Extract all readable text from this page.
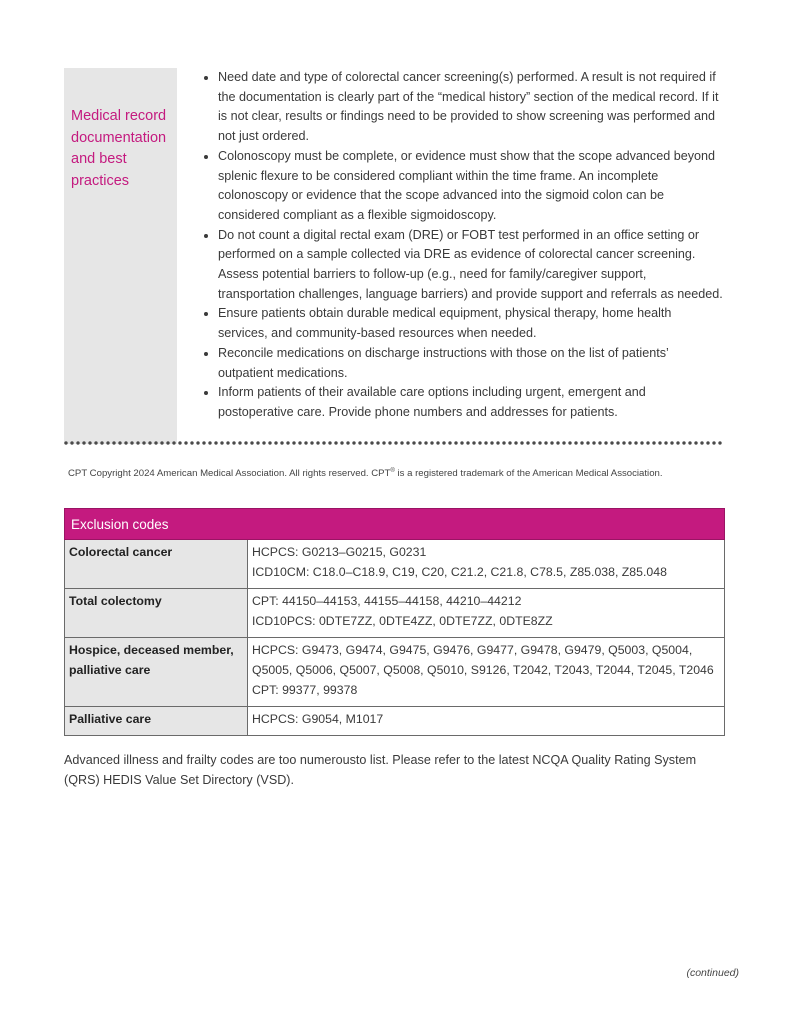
Medical record documentation and best practices
Need date and type of colorectal cancer screening(s) performed. A result is not required if the documentation is clearly part of the “medical history” section of the medical record. If it is not clear, results or findings need to be provided to show screening was performed and not just ordered.
Colonoscopy must be complete, or evidence must show that the scope advanced beyond splenic flexure to be considered compliant within the time frame. An incomplete colonoscopy or evidence that the scope advanced into the sigmoid colon can be considered compliant as a flexible sigmoidoscopy.
Do not count a digital rectal exam (DRE) or FOBT test performed in an office setting or performed on a sample collected via DRE as evidence of colorectal cancer screening. Assess potential barriers to follow-up (e.g., need for family/caregiver support, transportation challenges, language barriers) and provide support and referrals as needed.
Ensure patients obtain durable medical equipment, physical therapy, home health services, and community-based resources when needed.
Reconcile medications on discharge instructions with those on the list of patients’ outpatient medications.
Inform patients of their available care options including urgent, emergent and postoperative care. Provide phone numbers and addresses for patients.
CPT Copyright 2024 American Medical Association. All rights reserved. CPT® is a registered trademark of the American Medical Association.
Exclusion codes	
Colorectal cancer	HCPCS: G0213–G0215, G0231
ICD10CM: C18.0–C18.9, C19, C20, C21.2, C21.8, C78.5, Z85.038, Z85.048

Total colectomy	CPT: 44150–44153, 44155–44158, 44210–44212
ICD10PCS: 0DTE7ZZ, 0DTE4ZZ, 0DTE7ZZ, 0DTE8ZZ

Hospice, deceased member, palliative care	HCPCS: G9473, G9474, G9475, G9476, G9477, G9478, G9479, Q5003, Q5004, Q5005, Q5006, Q5007, Q5008, Q5010, S9126, T2042, T2043, T2044, T2045, T2046
CPT: 99377, 99378

Palliative care	HCPCS: G9054, M1017
Advanced illness and frailty codes are too numerousto list. Please refer to the latest NCQA Quality Rating System (QRS) HEDIS Value Set Directory (VSD).
(continued)
